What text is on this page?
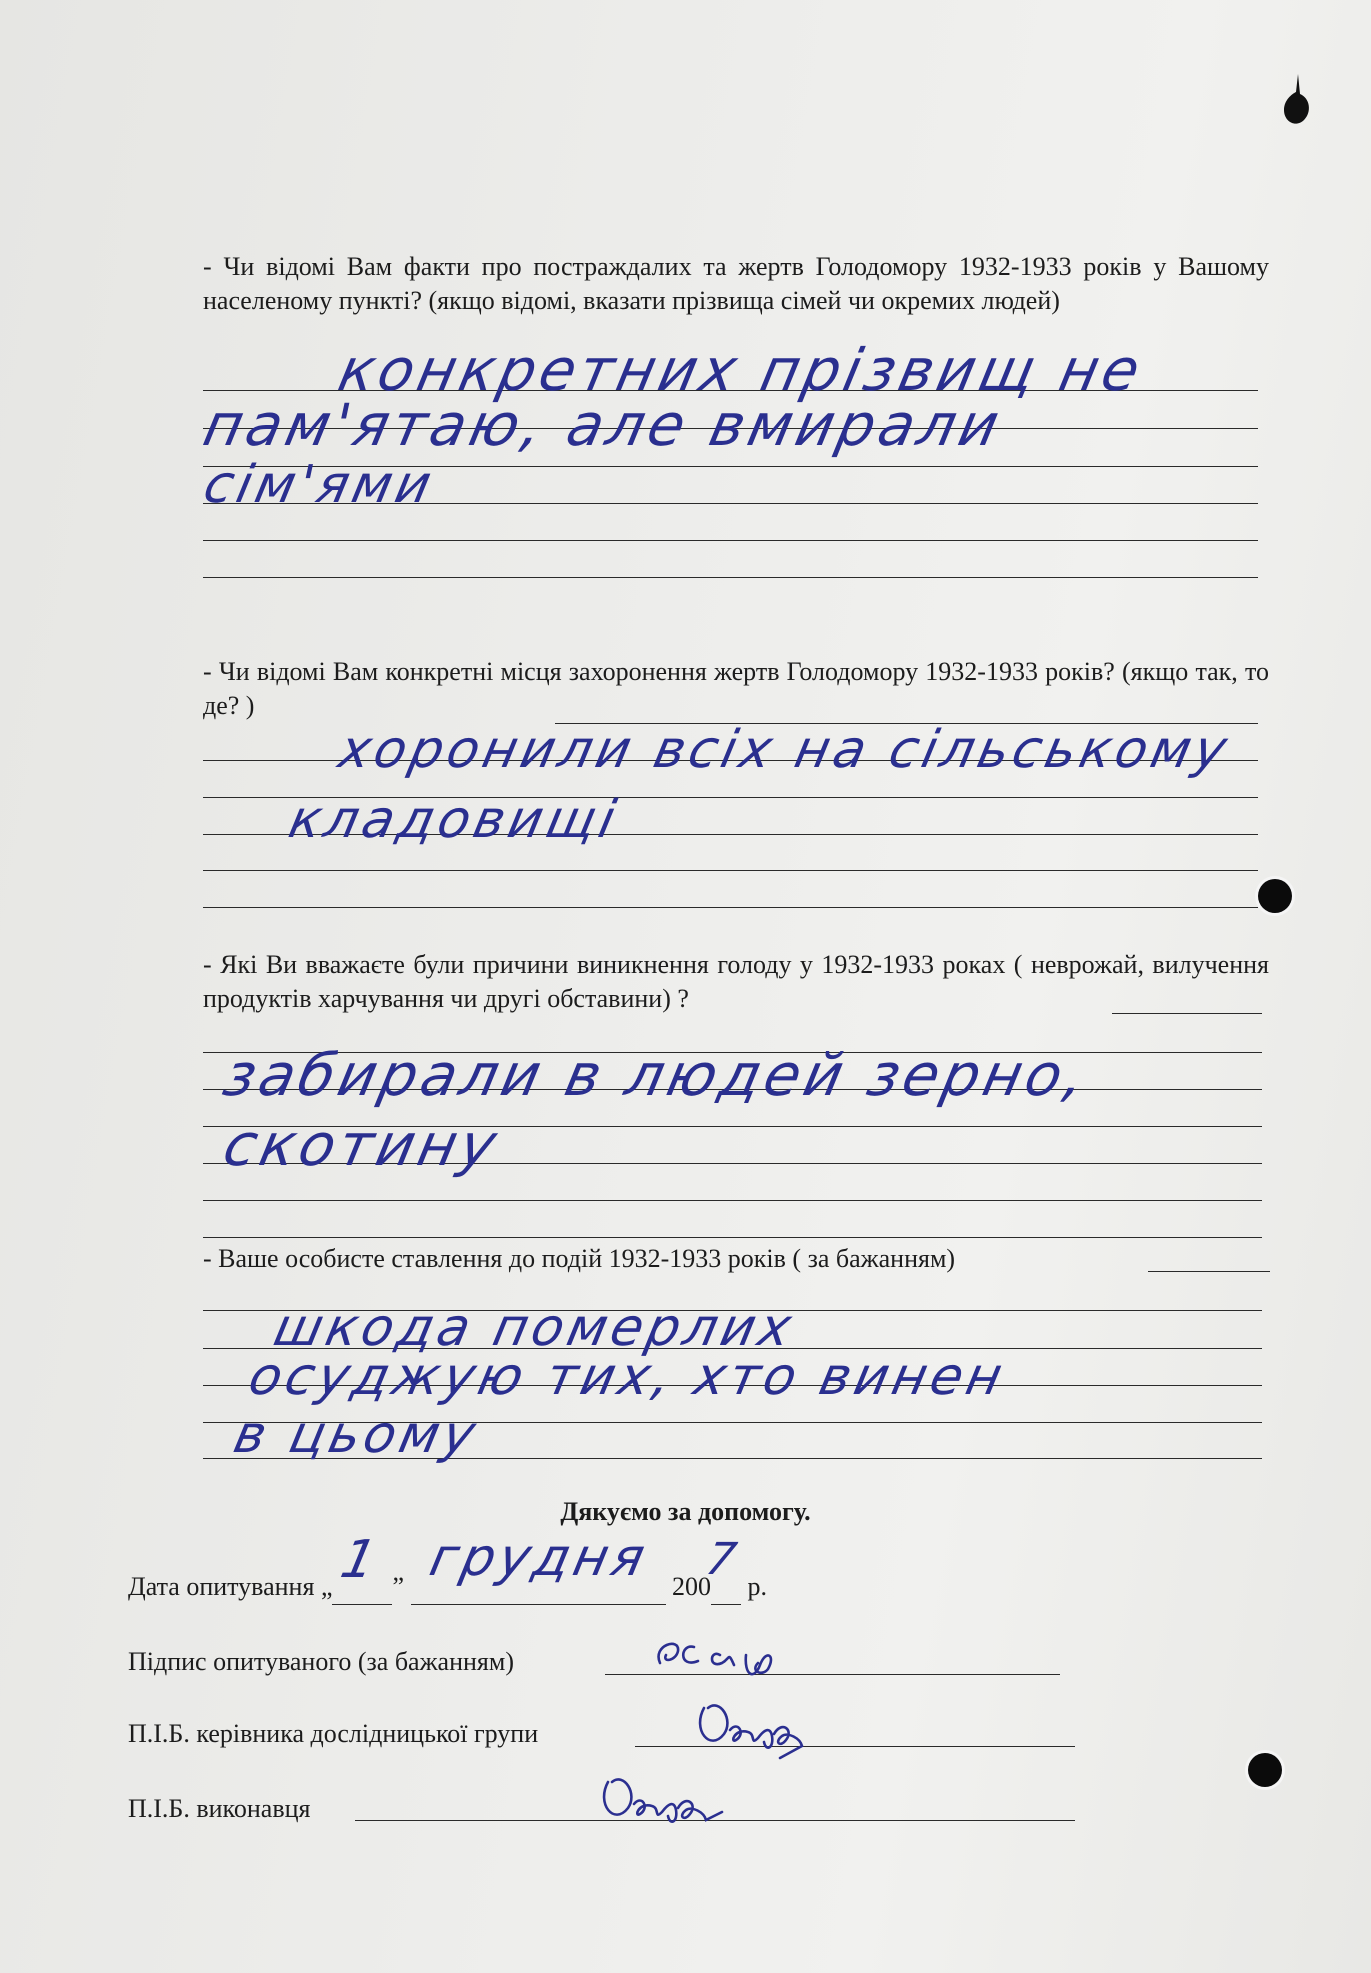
- Чи відомі Вам факти про постраждалих та жертв Голодомору 1932-1933 років у Вашому населеному пункті? (якщо відомі, вказати прізвища сімей чи окремих людей)
конкретних прізвищ не
пам'ятаю, але вмирали
сім'ями
- Чи відомі Вам конкретні місця захоронення жертв Голодомору 1932-1933 років? (якщо так, то де? )
хоронили всіх на сільському
кладовищі
- Які Ви вважаєте були причини виникнення голоду у 1932-1933 роках ( неврожай, вилучення продуктів харчування чи другі обставини) ?
забирали в людей зерно,
скотину
- Ваше особисте ставлення до подій 1932-1933 років ( за бажанням)
шкода померлих
осуджую тих, хто винен
в цьому
Дякуємо за допомогу.
Дата опитування „ 1 ” грудня 200
7
р.
Підпис опитуваного (за бажанням)
П.І.Б. керівника дослідницької групи
П.І.Б. виконавця
